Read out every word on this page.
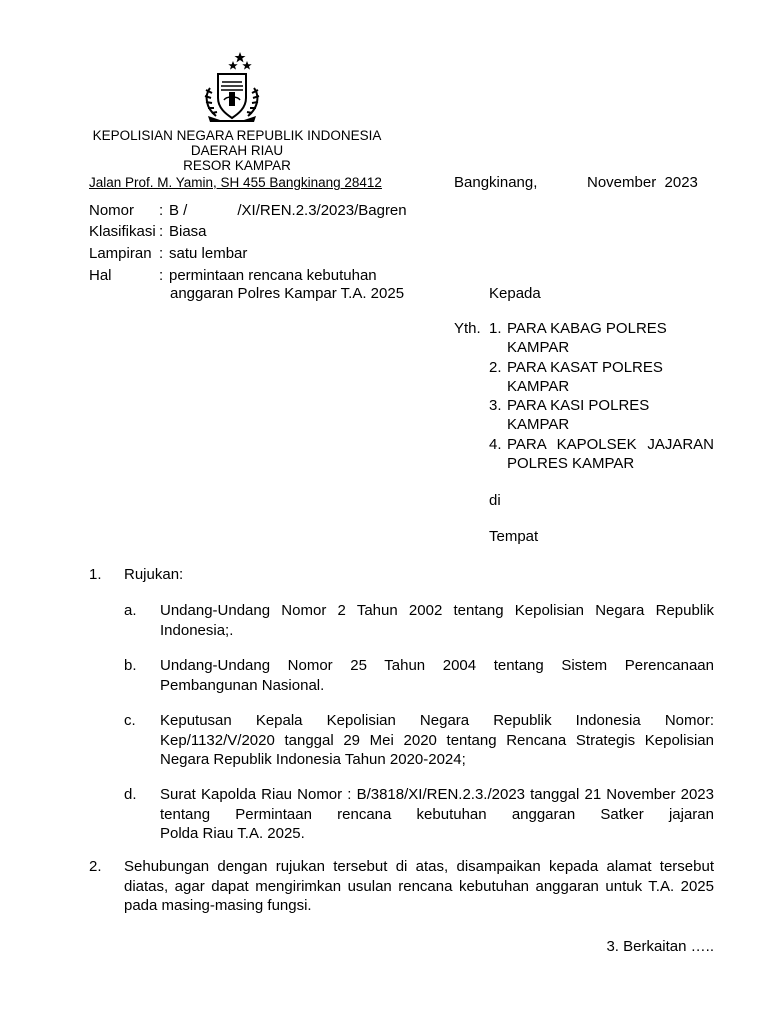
KEPOLISIAN NEGARA REPUBLIK INDONESIA
DAERAH RIAU
RESOR KAMPAR
Jalan Prof. M. Yamin, SH 455 Bangkinang 28412	Bangkinang,	November  2023
Nomor : B /            /XI/REN.2.3/2023/Bagren
Klasifikasi : Biasa
Lampiran : satu lembar
Hal	: permintaan rencana kebutuhan
anggaran Polres Kampar T.A. 2025	Kepada
Yth. 1. PARA KABAG POLRES
KAMPAR
2. PARA KASAT POLRES
KAMPAR
3. PARA KASI POLRES
KAMPAR
4. PARA  KAPOLSEK  JAJARAN
POLRES KAMPAR
di
Tempat
1. Rujukan:
a. Undang-Undang Nomor 2 Tahun 2002 tentang Kepolisian Negara Republik
Indonesia;.
b. Undang-Undang Nomor 25 Tahun 2004 tentang Sistem Perencanaan
Pembangunan Nasional.
c. Keputusan Kepala Kepolisian Negara Republik Indonesia Nomor:
Kep/1132/V/2020 tanggal 29 Mei 2020 tentang Rencana Strategis Kepolisian
Negara Republik Indonesia Tahun 2020-2024;
d. Surat Kapolda Riau Nomor : B/3818/XI/REN.2.3./2023 tanggal 21 November 2023
tentang Permintaan rencana kebutuhan anggaran Satker jajaran
Polda Riau T.A. 2025.
2. Sehubungan dengan rujukan tersebut di atas, disampaikan kepada alamat tersebut
diatas, agar dapat mengirimkan usulan rencana kebutuhan anggaran untuk T.A. 2025
pada masing-masing fungsi.
3. Berkaitan …..
